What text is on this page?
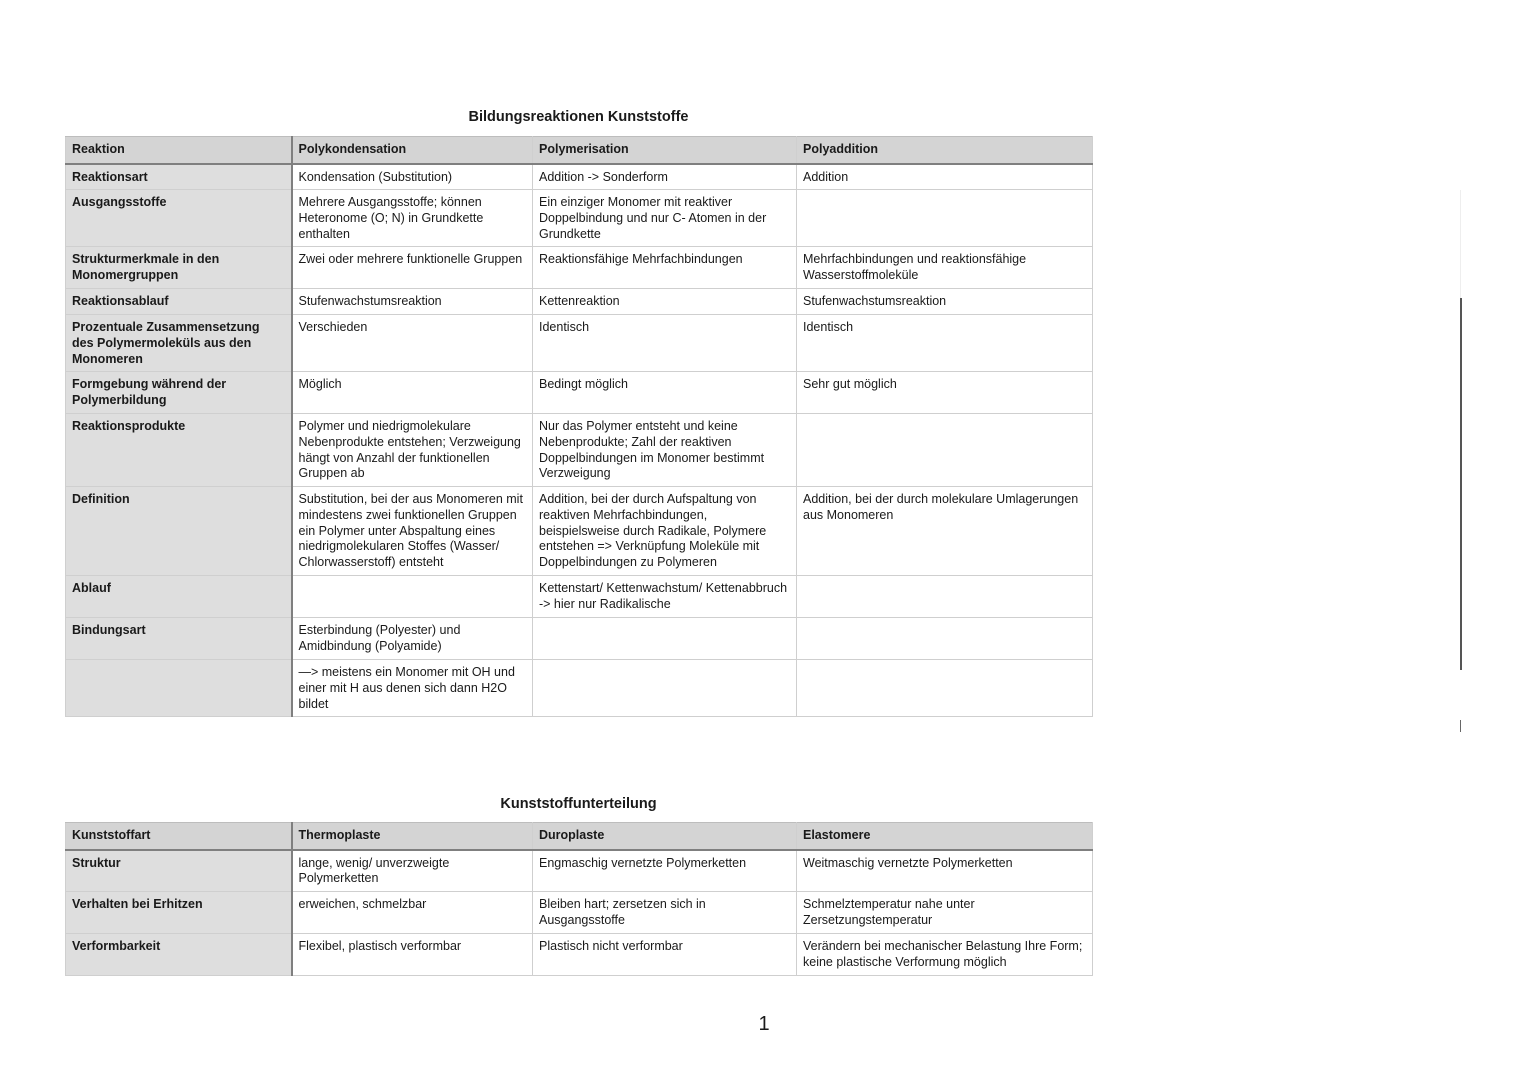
Bildungsreaktionen Kunststoffe
Reaktion	Polykondensation	Polymerisation	Polyaddition
Reaktionsart	Kondensation (Substitution)	Addition -> Sonderform	Addition
Ausgangsstoffe	Mehrere Ausgangsstoffe; können Heteronome (O; N) in Grundkette enthalten	Ein einziger Monomer mit reaktiver Doppelbindung und nur C- Atomen in der Grundkette	
Strukturmerkmale in den Monomergruppen	Zwei oder mehrere funktionelle Gruppen	Reaktionsfähige Mehrfachbindungen	Mehrfachbindungen und reaktionsfähige Wasserstoffmoleküle
Reaktionsablauf	Stufenwachstumsreaktion	Kettenreaktion	Stufenwachstumsreaktion
Prozentuale Zusammensetzung des Polymermoleküls aus den Monomeren	Verschieden	Identisch	Identisch
Formgebung während der Polymerbildung	Möglich	Bedingt möglich	Sehr gut möglich
Reaktionsprodukte	Polymer und niedrigmolekulare Nebenprodukte entstehen; Verzweigung hängt von Anzahl der funktionellen Gruppen ab	Nur das Polymer entsteht und keine Nebenprodukte; Zahl der reaktiven Doppelbindungen im Monomer bestimmt Verzweigung	
Definition	Substitution, bei der aus Monomeren mit mindestens zwei funktionellen Gruppen ein Polymer unter Abspaltung eines niedrigmolekularen Stoffes (Wasser/ Chlorwasserstoff) entsteht	Addition, bei der durch Aufspaltung von reaktiven Mehrfachbindungen, beispielsweise durch Radikale, Polymere entstehen => Verknüpfung Moleküle mit Doppelbindungen zu Polymeren	Addition, bei der durch molekulare Umlagerungen aus Monomeren
Ablauf		Kettenstart/ Kettenwachstum/ Kettenabbruch -> hier nur Radikalische	
Bindungsart	Esterbindung (Polyester) und Amidbindung (Polyamide)		
	—> meistens ein Monomer mit OH und einer mit H aus denen sich dann H2O bildet		
Kunststoffunterteilung
Kunststoffart	Thermoplaste	Duroplaste	Elastomere
Struktur	lange, wenig/ unverzweigte Polymerketten	Engmaschig vernetzte Polymerketten	Weitmaschig vernetzte Polymerketten
Verhalten bei Erhitzen	erweichen, schmelzbar	Bleiben hart; zersetzen sich in Ausgangsstoffe	Schmelztemperatur nahe unter Zersetzungstemperatur
Verformbarkeit	Flexibel, plastisch verformbar	Plastisch nicht verformbar	Verändern bei mechanischer Belastung Ihre Form; keine plastische Verformung möglich
1
